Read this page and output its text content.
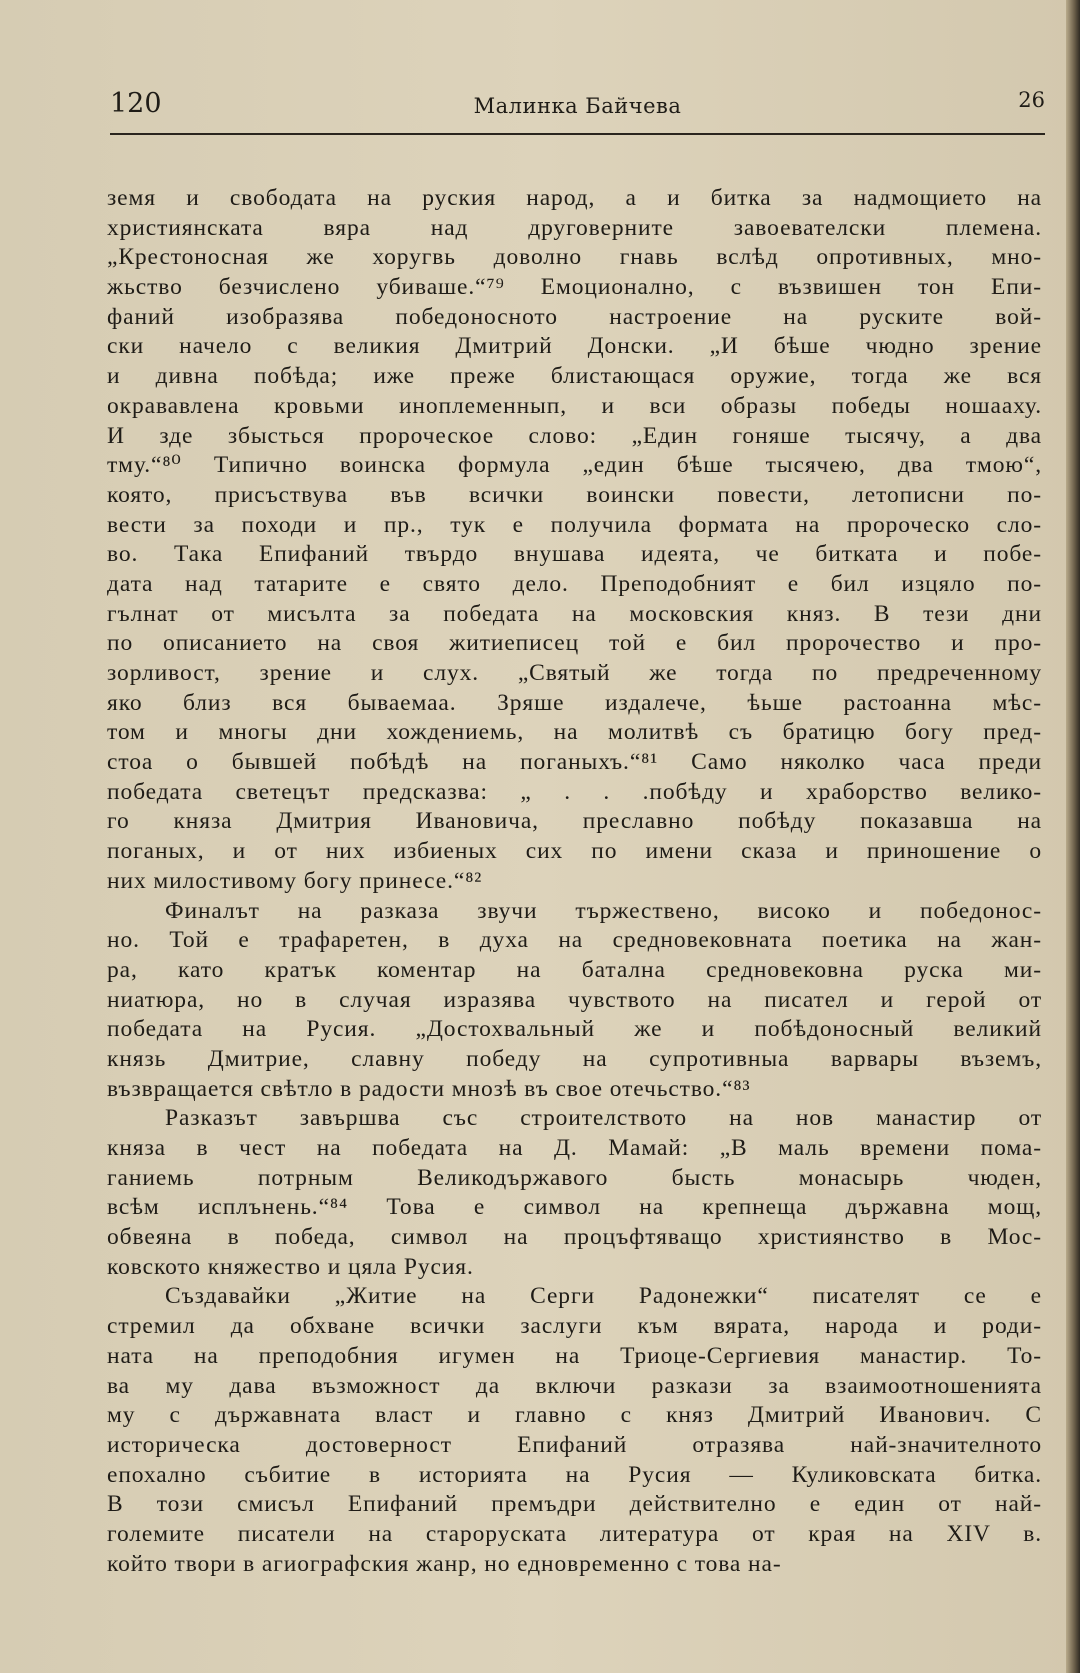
120	Малинка Байчева	26
земя и свободата на руския народ, а и битка за надмощието на
християнската вяра над друговерните завоевателски племена.
„Крестоносная же хоругвь доволно гнавь вслѣд опротивных, мно-
жьство безчислено убиваше.“⁷⁹ Емоционално, с възвишен тон Епи-
фаний изобразява победоносното настроение на руските вой-
ски начело с великия Дмитрий Донски. „И бѣше чюдно зрение
и дивна побѣда; иже преже блистающася оружие, тогда же вся
окрававлена кровьми иноплеменнып, и вси образы победы ношааху.
И зде збысться пророческое слово: „Един гоняше тысячу, а два
тму.“⁸⁰ Типично воинска формула „един бѣше тысячею, два тмою“,
която, присъствува във всички воински повести, летописни по-
вести за походи и пр., тук е получила формата на пророческо сло-
во. Така Епифаний твърдо внушава идеята, че битката и побе-
дата над татарите е свято дело. Преподобният е бил изцяло по-
гълнат от мисълта за победата на московския княз. В тези дни
по описанието на своя житиеписец той е бил пророчество и про-
зорливост, зрение и слух. „Святый же тогда по предреченному
яко близ вся бываемаа. Зряше издалече, ѣьше растоанна мѣс-
том и многы дни хождениемь, на молитвѣ съ братицю богу пред-
стоа о бывшей побѣдѣ на поганыхъ.“⁸¹ Само няколко часа преди
победата светецът предсказва: „ . . .побѣду и храборство велико-
го княза Дмитрия Ивановича, преславно побѣду показавша на
поганых, и от них избиеных сих по имени сказа и приношение о
них милостивому богу принесе.“⁸²
Финалът на разказа звучи тържествено, високо и победонос-
но. Той е трафаретен, в духа на средновековната поетика на жан-
ра, като кратък коментар на батална средновековна руска ми-
ниатюра, но в случая изразява чувството на писател и герой от
победата на Русия. „Достохвальный же и побѣдоносный великий
князь Дмитрие, славну победу на супротивныа варвары въземъ,
възвращается свѣтло в радости мнозѣ въ свое отечьство.“⁸³
Разказът завършва със строителството на нов манастир от
княза в чест на победата на Д. Мамай: „В маль времени пома-
ганиемь потрным Великодържавого бысть монасырь чюден,
всѣм исплънень.“⁸⁴ Това е символ на крепнеща държавна мощ,
обвеяна в победа, символ на процъфтяващо християнство в Мос-
ковското княжество и цяла Русия.
Създавайки „Житие на Серги Радонежки“ писателят се е
стремил да обхване всички заслуги към вярата, народа и роди-
ната на преподобния игумен на Триоце-Сергиевия манастир. То-
ва му дава възможност да включи разкази за взаимоотношенията
му с държавната власт и главно с княз Дмитрий Иванович. С
историческа достоверност Епифаний отразява най-значителното
епохално събитие в историята на Русия — Куликовската битка.
В този смисъл Епифаний премъдри действително е един от най-
големите писатели на староруската литература от края на XIV в.
който твори в агиографския жанр, но едновременно с това на-
